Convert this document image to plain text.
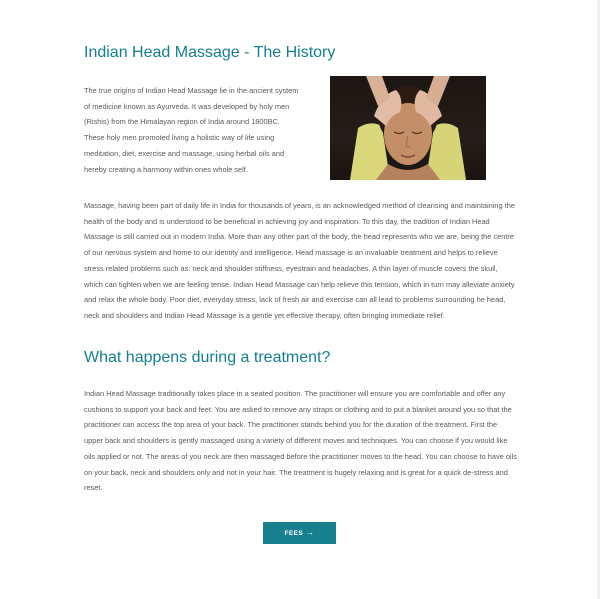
Indian Head Massage - The History

The true origins of Indian Head Massage lie in the ancient system of medicine known as Ayurveda. It was developed by holy men (Rishis) from the Himalayan region of India around 1800BC. These holy men promoted living a holistic way of life using meditation, diet, exercise and massage, using herbal oils and hereby creating a harmony within ones whole self.

Massage, having been part of daily life in India for thousands of years, is an acknowledged method of cleansing and maintaining the health of the body and is understood to be beneficial in achieving joy and inspiration. To this day, the tradition of Indian Head Massage is still carried out in modern India. More than any other part of the body, the head represents who we are, being the centre of our nervous system and home to our identity and intelligence. Head massage is an invaluable treatment and helps to relieve stress related problems such as: neck and shoulder stiffness, eyestrain and headaches. A thin layer of muscle covers the skull, which can tighten when we are feeling tense. Indian Head Massage can help relieve this tension, which in turn may alleviate anxiety and relax the whole body. Poor diet, everyday stress, lack of fresh air and exercise can all lead to problems surrounding he head, neck and shoulders and Indian Head Massage is a gentle yet effective therapy, often bringing immediate relief.

What happens during a treatment?

Indian Head Massage traditionally takes place in a seated position. The practitioner will ensure you are comfortable and offer any cushions to support your back and feet. You are asked to remove any straps or clothing and to put a blanket around you so that the practitioner can access the top area of your back. The practitioner stands behind you for the duration of the treatment. First the upper back and shoulders is gently massaged using a variety of different moves and techniques. You can choose if you would like oils applied or not. The areas of you neck are then massaged before the practitioner moves to the head. You can choose to have oils on your back, neck and shoulders only and not in your hair. The treatment is hugely relaxing and is great for a quick de-stress and reset.

FEES →
